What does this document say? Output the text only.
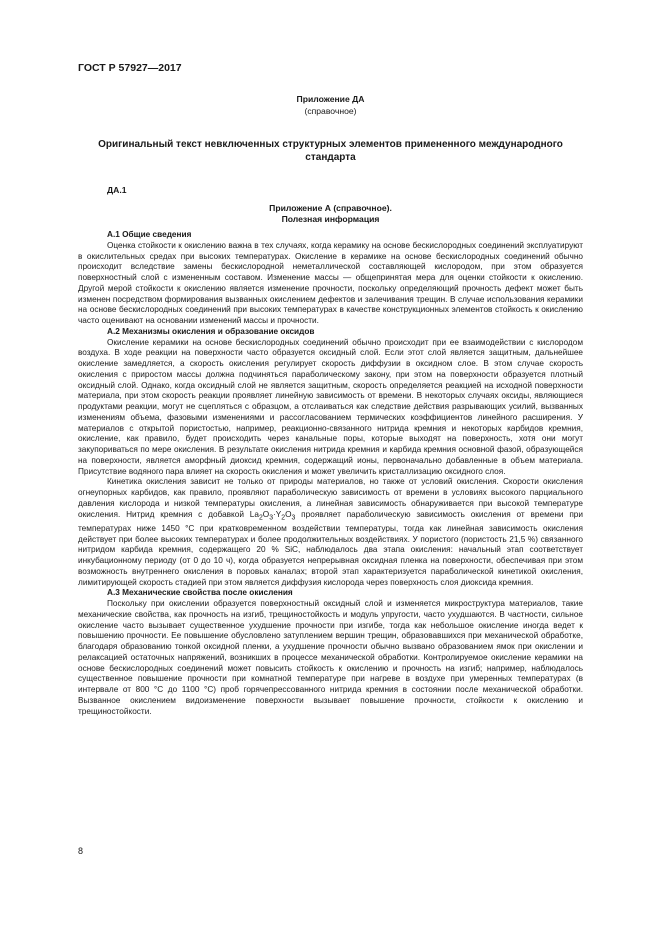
ГОСТ Р 57927—2017
Приложение ДА
(справочное)
Оригинальный текст невключенных структурных элементов примененного международного стандарта
ДА.1
Приложение А (справочное).
Полезная информация
А.1 Общие сведения

Оценка стойкости к окислению важна в тех случаях, когда керамику на основе бескислородных соединений эксплуатируют в окислительных средах при высоких температурах. Окисление в керамике на основе бескислородных соединений обычно происходит вследствие замены бескислородной неметаллической составляющей кислородом, при этом образуется поверхностный слой с измененным составом. Изменение массы — общепринятая мера для оценки стойкости к окислению. Другой мерой стойкости к окислению является изменение прочности, поскольку определяющий прочность дефект может быть изменен посредством формирования вызванных окислением дефектов и залечивания трещин. В случае использования керамики на основе бескислородных соединений при высоких температурах в качестве конструкционных элементов стойкость к окислению часто оценивают на основании изменений массы и прочности.

А.2 Механизмы окисления и образование оксидов

Окисление керамики на основе бескислородных соединений обычно происходит при ее взаимодействии с кислородом воздуха. В ходе реакции на поверхности часто образуется оксидный слой. Если этот слой является защитным, дальнейшее окисление замедляется, а скорость окисления регулирует скорость диффузии в оксидном слое. В этом случае скорость окисления с приростом массы должна подчиняться параболическому закону, при этом на поверхности образуется плотный оксидный слой. Однако, когда оксидный слой не является защитным, скорость определяется реакцией на исходной поверхности материала, при этом скорость реакции проявляет линейную зависимость от времени. В некоторых случаях оксиды, являющиеся продуктами реакции, могут не сцепляться с образцом, а отслаиваться как следствие действия разрывающих усилий, вызванных изменениям объема, фазовыми изменениями и рассогласованием термических коэффициентов линейного расширения. У материалов с открытой пористостью, например, реакционно-связанного нитрида кремния и некоторых карбидов кремния, окисление, как правило, будет происходить через канальные поры, которые выходят на поверхность, хотя они могут закупориваться по мере окисления. В результате окисления нитрида кремния и карбида кремния основной фазой, образующейся на поверхности, является аморфный диоксид кремния, содержащий ионы, первоначально добавленные в объем материала. Присутствие водяного пара влияет на скорость окисления и может увеличить кристаллизацию оксидного слоя.

Кинетика окисления зависит не только от природы материалов, но также от условий окисления. Скорости окисления огнеупорных карбидов, как правило, проявляют параболическую зависимость от времени в условиях высокого парциального давления кислорода и низкой температуры окисления, а линейная зависимость обнаруживается при высокой температуре окисления. Нитрид кремния с добавкой $La_2O_3\cdot Y_2O_3$ проявляет параболическую зависимость окисления от времени при температурах ниже 1450 °С при кратковременном воздействии температуры, тогда как линейная зависимость окисления действует при более высоких температурах и более продолжительных воздействиях. У пористого (пористость 21,5 %) связанного нитридом карбида кремния, содержащего 20 % SiC, наблюдалось два этапа окисления: начальный этап соответствует инкубационному периоду (от 0 до 10 ч), когда образуется непрерывная оксидная пленка на поверхности, обеспечивая при этом возможность внутреннего окисления в поровых каналах; второй этап характеризуется параболической кинетикой окисления, лимитирующей скорость стадией при этом является диффузия кислорода через поверхность слоя диоксида кремния.

А.3 Механические свойства после окисления

Поскольку при окислении образуется поверхностный оксидный слой и изменяется микроструктура материалов, такие механические свойства, как прочность на изгиб, трещиностойкость и модуль упругости, часто ухудшаются. В частности, сильное окисление часто вызывает существенное ухудшение прочности при изгибе, тогда как небольшое окисление иногда ведет к повышению прочности. Ее повышение обусловлено затуплением вершин трещин, образовавшихся при механической обработке, благодаря образованию тонкой оксидной пленки, а ухудшение прочности обычно вызвано образованием ямок при окислении и релаксацией остаточных напряжений, возникших в процессе механической обработки. Контролируемое окисление керамики на основе бескислородных соединений может повысить стойкость к окислению и прочность на изгиб; например, наблюдалось существенное повышение прочности при комнатной температуре при нагреве в воздухе при умеренных температурах (в интервале от 800 °С до 1100 °С) проб горячепрессованного нитрида кремния в состоянии после механической обработки. Вызванное окислением видоизменение поверхности вызывает повышение прочности, стойкости к окислению и трещиностойкости.

8
